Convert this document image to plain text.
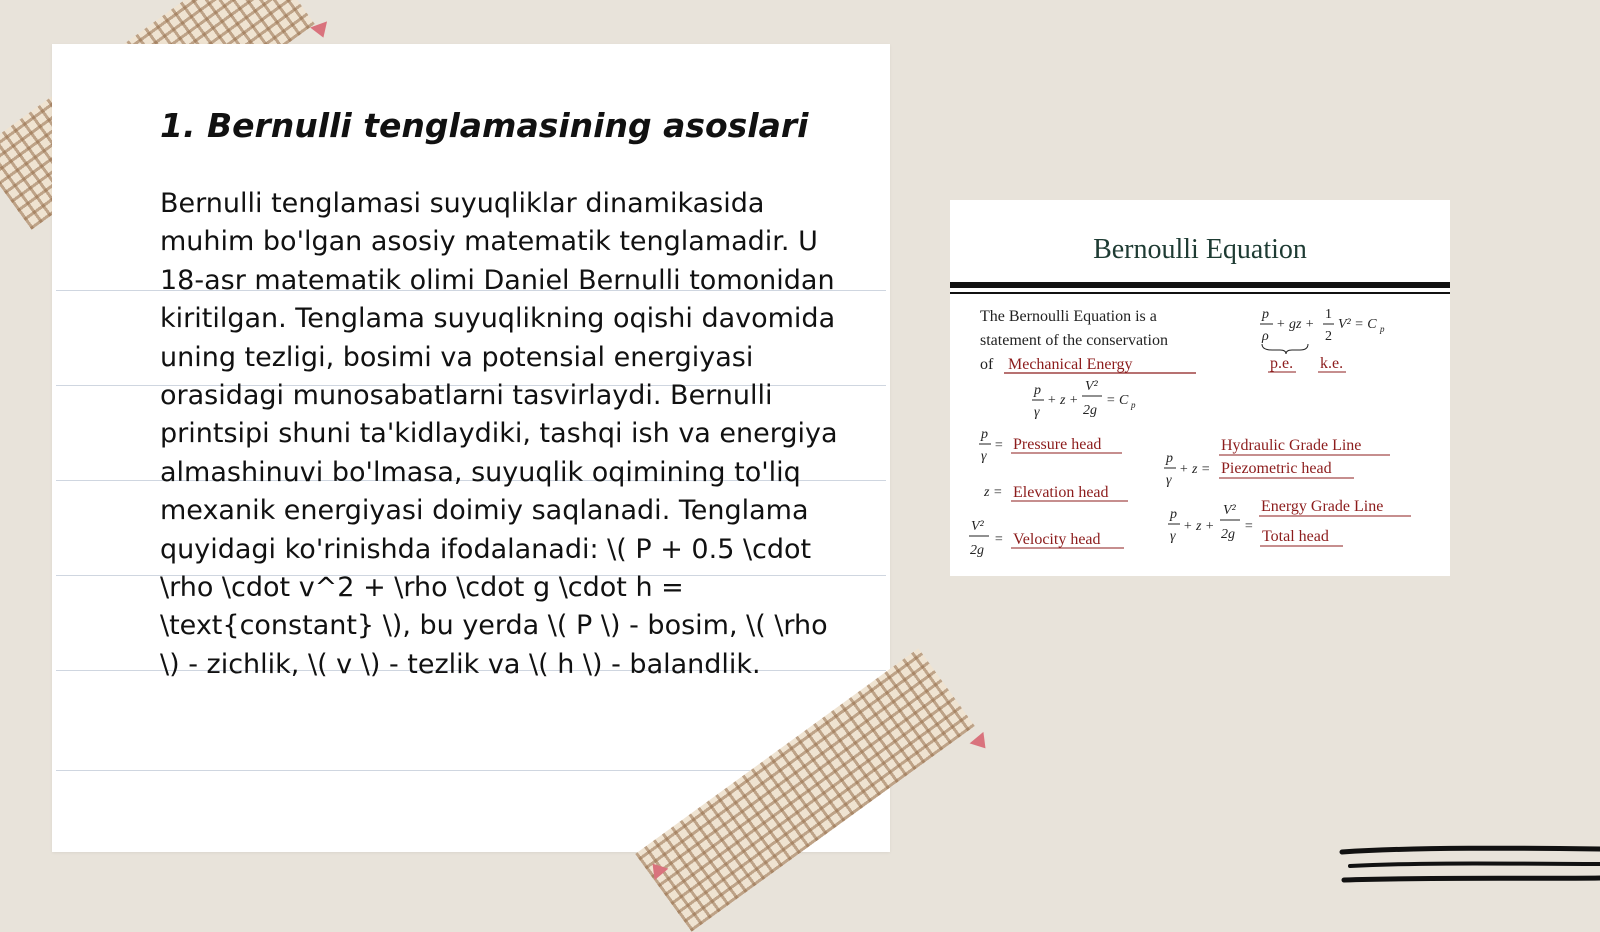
1. Bernulli tenglamasining asoslari

Bernulli tenglamasi suyuqliklar dinamikasida muhim bo'lgan asosiy matematik tenglamadir. U 18-asr matematik olimi Daniel Bernulli tomonidan kiritilgan. Tenglama suyuqlikning oqishi davomida uning tezligi, bosimi va potensial energiyasi orasidagi munosabatlarni tasvirlaydi. Bernulli printsipi shuni ta'kidlaydiki, tashqi ish va energiya almashinuvi bo'lmasa, suyuqlik oqimining to'liq mexanik energiyasi doimiy saqlanadi. Tenglama quyidagi ko'rinishda ifodalanadi: \( P + 0.5 \cdot \rho \cdot v^2 + \rho \cdot g \cdot h = \text{constant} \), bu yerda \( P \) - bosim, \( \rho \) - zichlik, \( v \) - tezlik va \( h \) - balandlik.

Bernoulli Equation
The Bernoulli Equation is a
statement of the conservation
of Mechanical Energy
p
ρ
+ gz +
1
2
V² = C p
p.e. k.e.
p
γ
+ z +
V²
2g
= C p
p
γ
= Pressure head
z = Elevation head
V²
2g
= Velocity head
Hydraulic Grade Line
p
γ
+ z = Piezometric head
Energy Grade Line
p
γ
+ z +
V²
2g
=
Total head
